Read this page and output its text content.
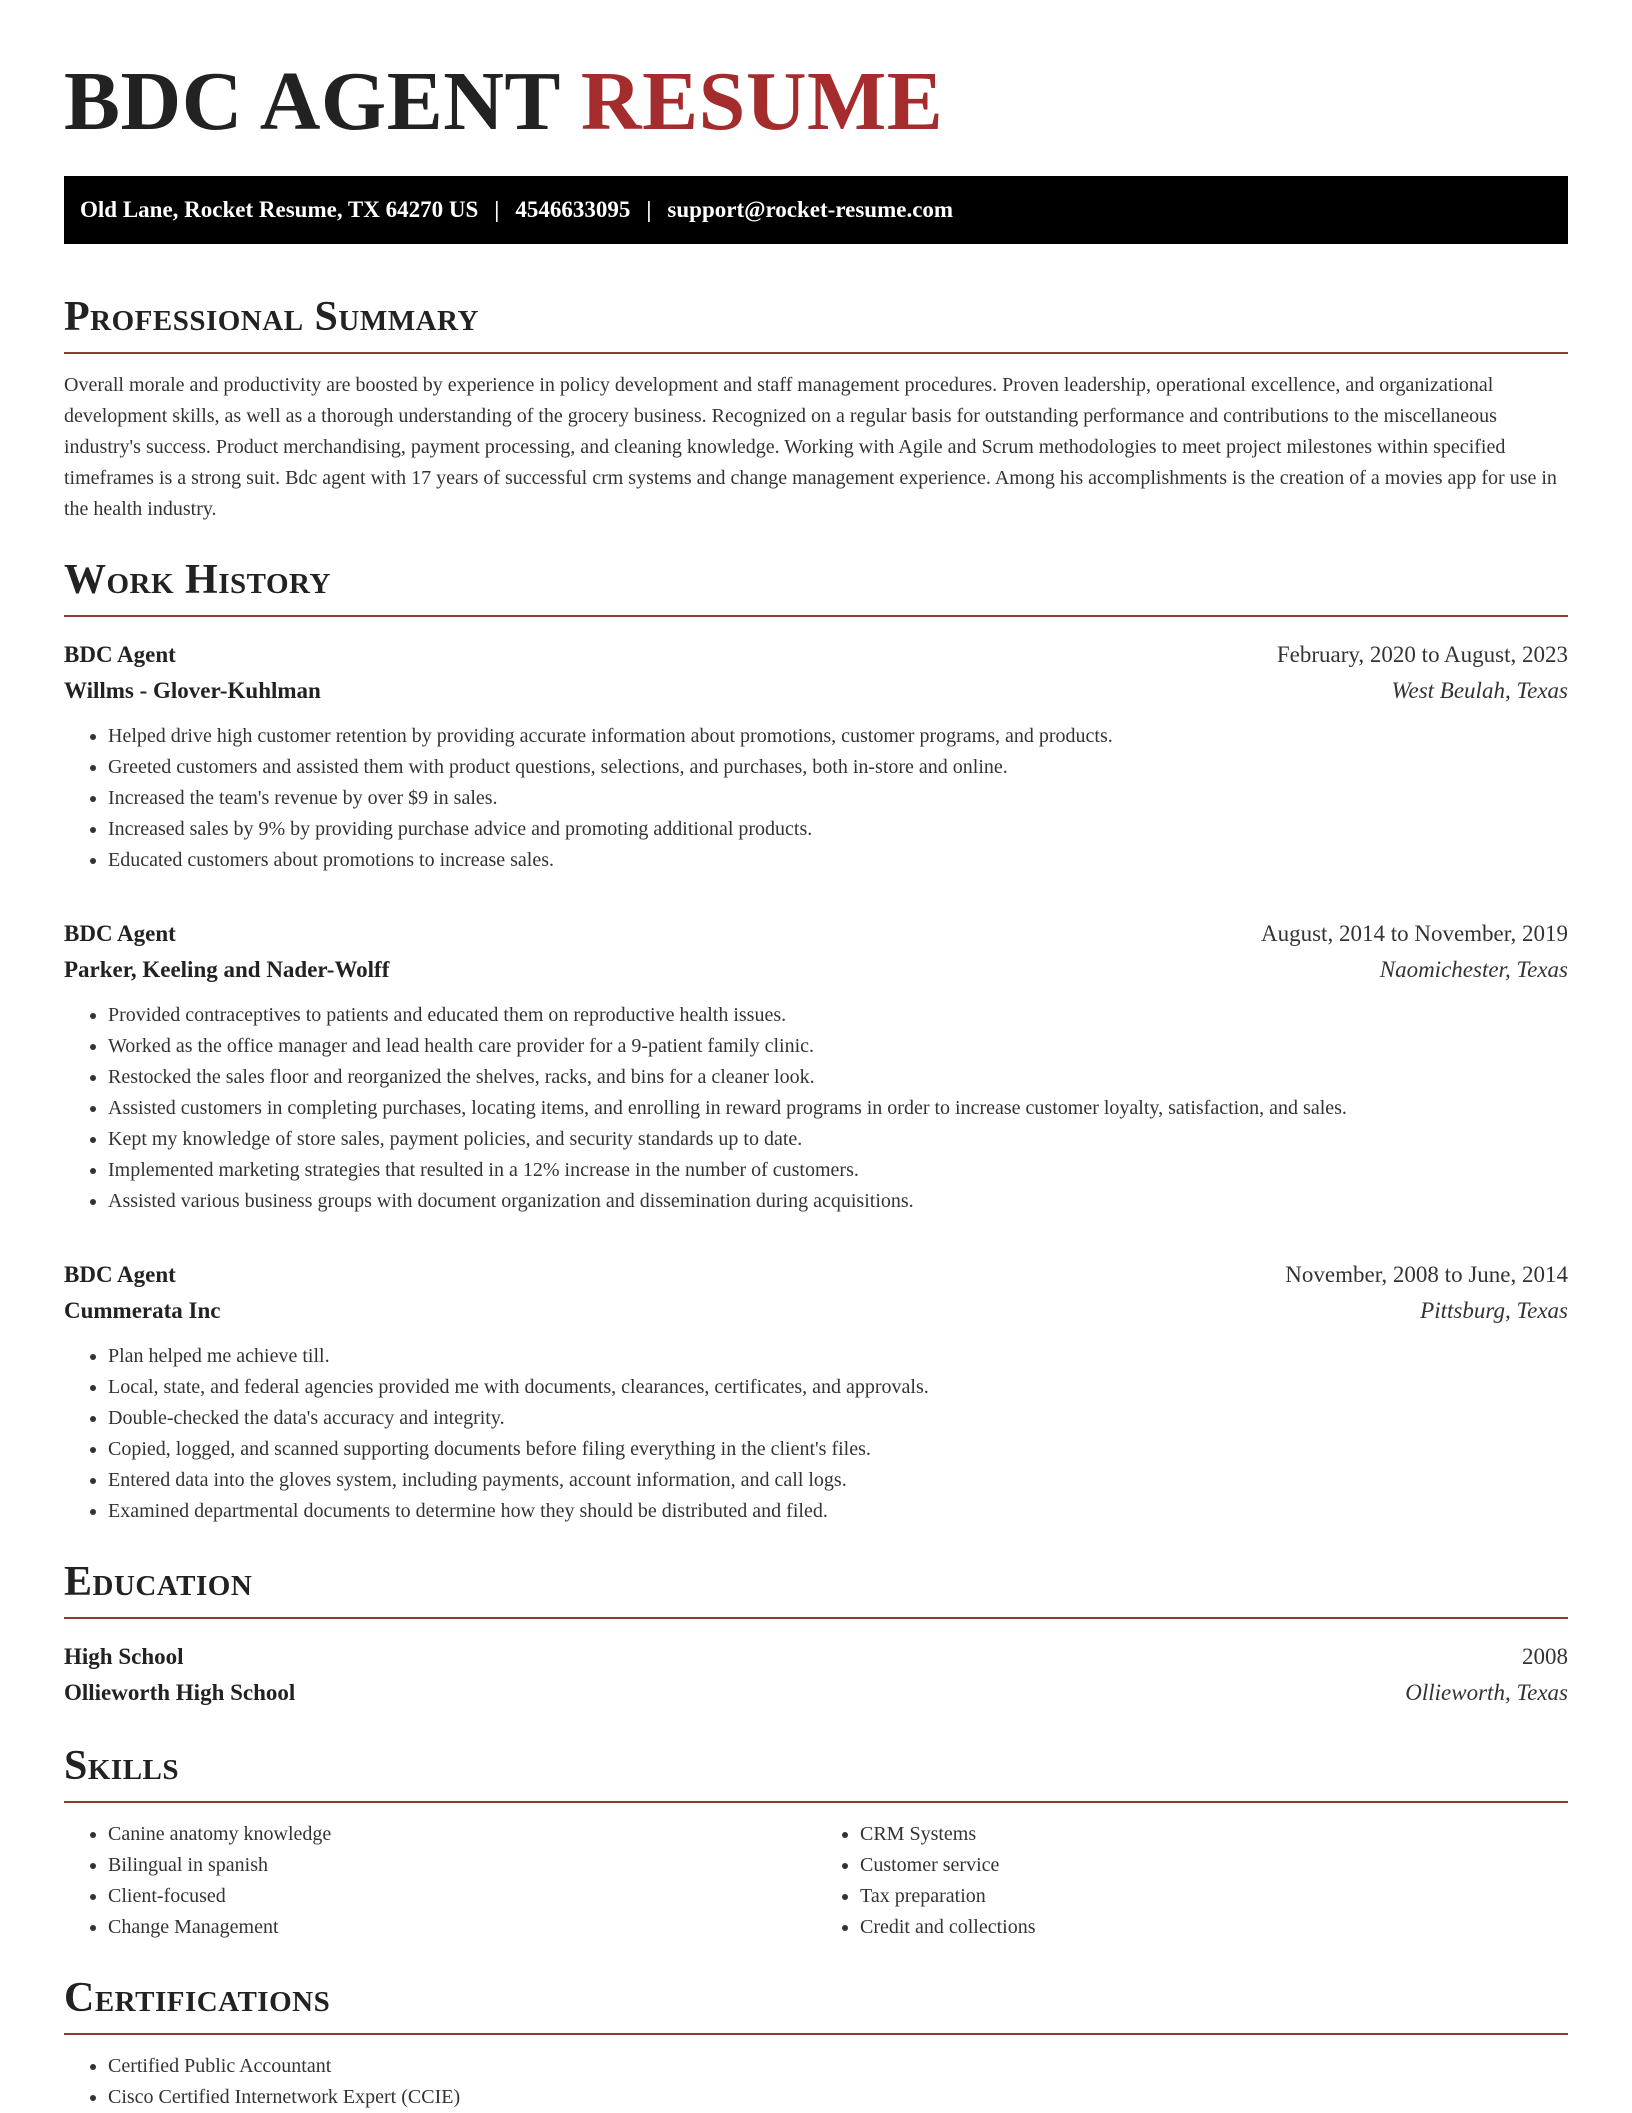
BDC AGENT RESUME
Old Lane, Rocket Resume, TX 64270 US | 4546633095 | support@rocket-resume.com
Professional Summary

Overall morale and productivity are boosted by experience in policy development and staff management procedures. Proven leadership, operational excellence, and organizational development skills, as well as a thorough understanding of the grocery business. Recognized on a regular basis for outstanding performance and contributions to the miscellaneous industry's success. Product merchandising, payment processing, and cleaning knowledge. Working with Agile and Scrum methodologies to meet project milestones within specified timeframes is a strong suit. Bdc agent with 17 years of successful crm systems and change management experience. Among his accomplishments is the creation of a movies app for use in the health industry.

Work History
BDC Agent	February, 2020 to August, 2023
Willms - Glover-Kuhlman	West Beulah, Texas
• Helped drive high customer retention by providing accurate information about promotions, customer programs, and products.
• Greeted customers and assisted them with product questions, selections, and purchases, both in-store and online.
• Increased the team's revenue by over $9 in sales.
• Increased sales by 9% by providing purchase advice and promoting additional products.
• Educated customers about promotions to increase sales.
BDC Agent	August, 2014 to November, 2019
Parker, Keeling and Nader-Wolff	Naomichester, Texas
• Provided contraceptives to patients and educated them on reproductive health issues.
• Worked as the office manager and lead health care provider for a 9-patient family clinic.
• Restocked the sales floor and reorganized the shelves, racks, and bins for a cleaner look.
• Assisted customers in completing purchases, locating items, and enrolling in reward programs in order to increase customer loyalty, satisfaction, and sales.
• Kept my knowledge of store sales, payment policies, and security standards up to date.
• Implemented marketing strategies that resulted in a 12% increase in the number of customers.
• Assisted various business groups with document organization and dissemination during acquisitions.
BDC Agent	November, 2008 to June, 2014
Cummerata Inc	Pittsburg, Texas
• Plan helped me achieve till.
• Local, state, and federal agencies provided me with documents, clearances, certificates, and approvals.
• Double-checked the data's accuracy and integrity.
• Copied, logged, and scanned supporting documents before filing everything in the client's files.
• Entered data into the gloves system, including payments, account information, and call logs.
• Examined departmental documents to determine how they should be distributed and filed.
Education
High School	2008
Ollieworth High School	Ollieworth, Texas
Skills
• Canine anatomy knowledge
• Bilingual in spanish
• Client-focused
• Change Management
• CRM Systems
• Customer service
• Tax preparation
• Credit and collections
Certifications
• Certified Public Accountant
• Cisco Certified Internetwork Expert (CCIE)
